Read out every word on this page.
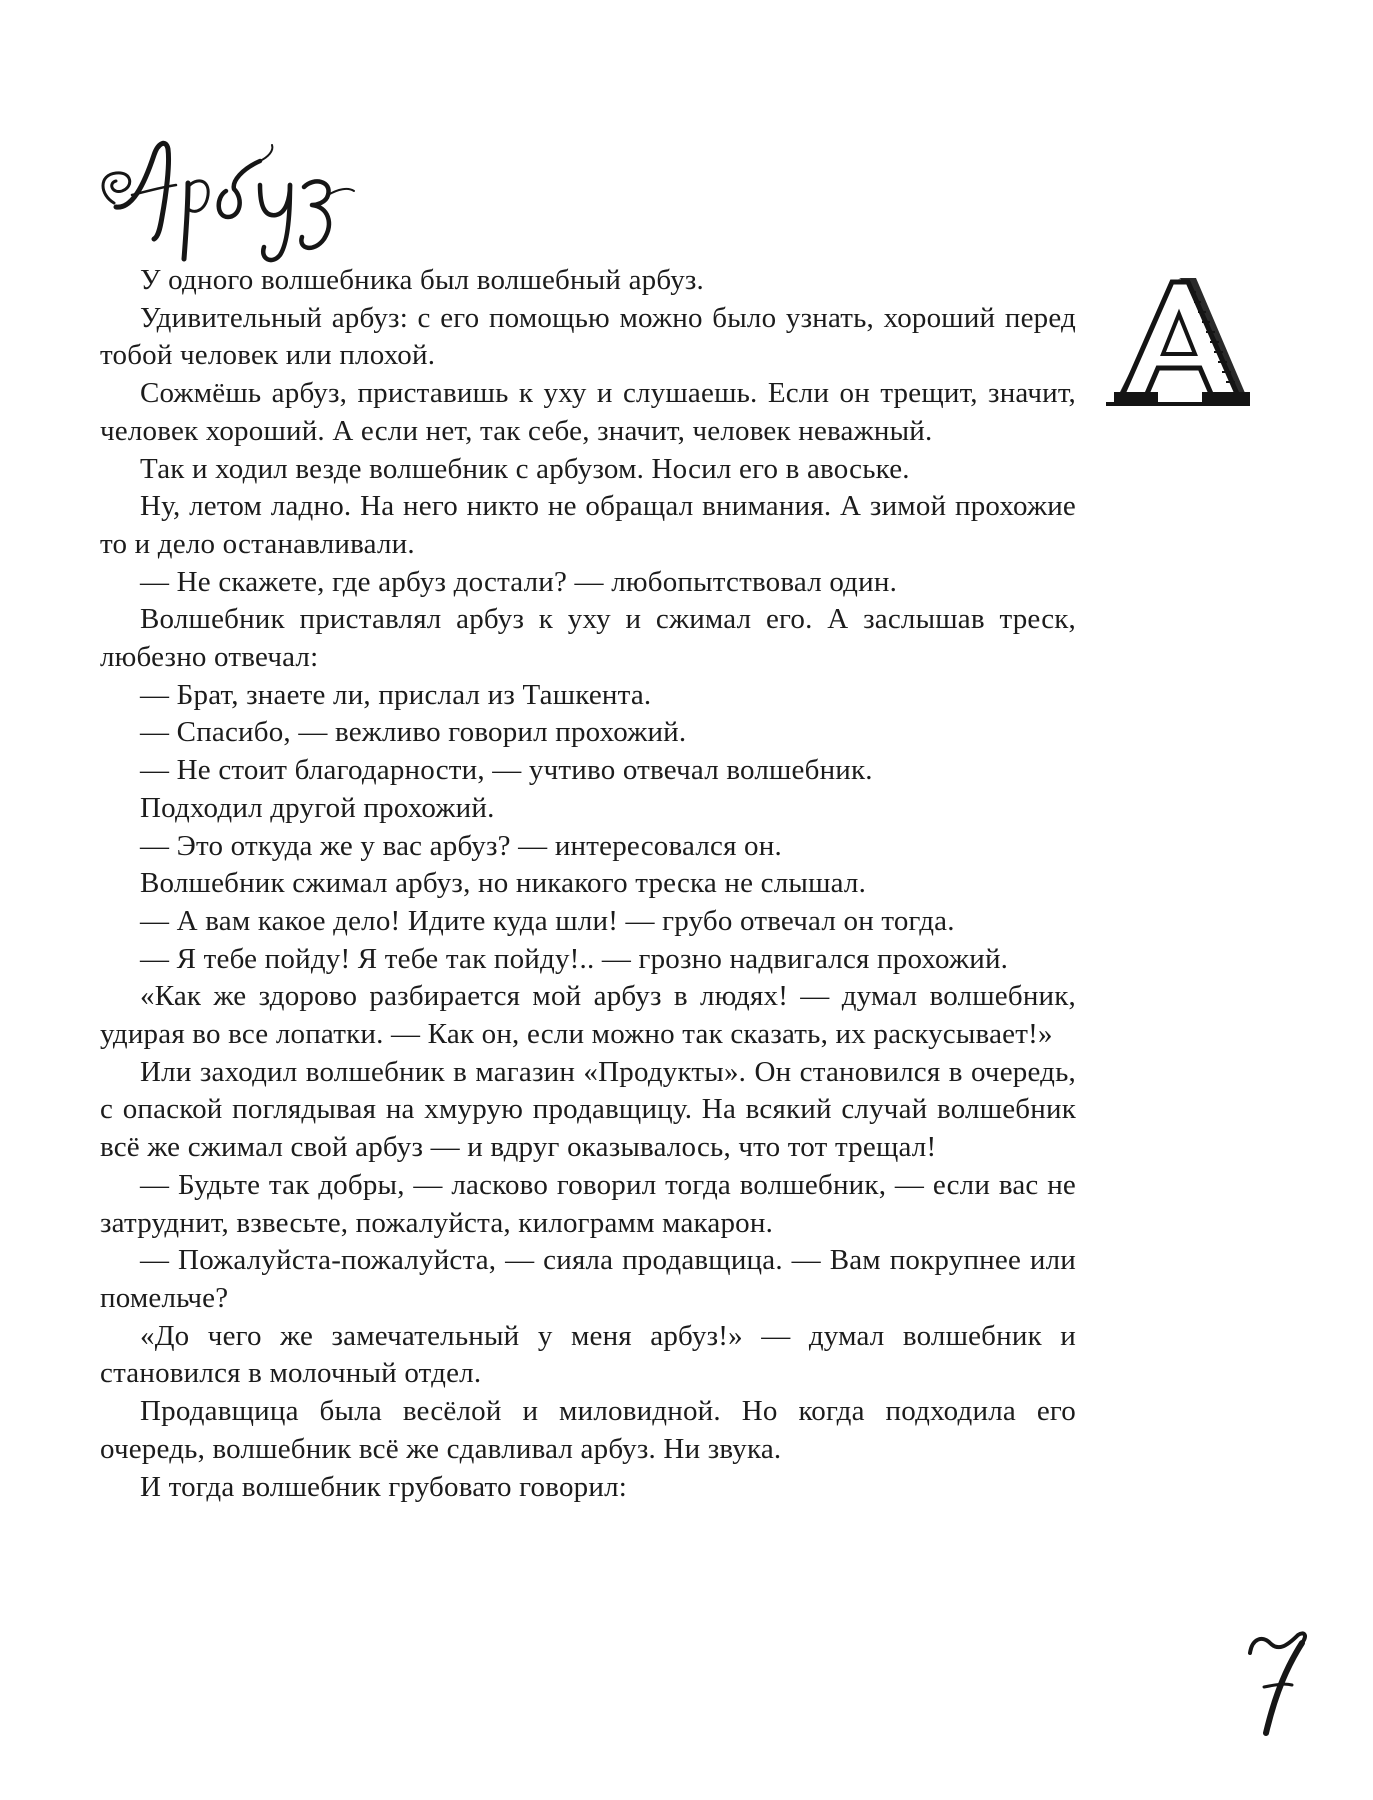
У одного волшебника был волшебный арбуз.

Удивительный арбуз: с его помощью можно было узнать, хороший перед тобой человек или плохой.

Сожмёшь арбуз, приставишь к уху и слушаешь. Если он трещит, значит, человек хороший. А если нет, так себе, значит, человек неважный.

Так и ходил везде волшебник с арбузом. Носил его в авоське.

Ну, летом ладно. На него никто не обращал внимания. А зимой прохожие то и дело останавливали.

— Не скажете, где арбуз достали? — любопытствовал один.

Волшебник приставлял арбуз к уху и сжимал его. А заслышав треск, любезно отвечал:

— Брат, знаете ли, прислал из Ташкента.

— Спасибо, — вежливо говорил прохожий.

— Не стоит благодарности, — учтиво отвечал волшебник.

Подходил другой прохожий.

— Это откуда же у вас арбуз? — интересовался он.

Волшебник сжимал арбуз, но никакого треска не слышал.

— А вам какое дело! Идите куда шли! — грубо отвечал он тогда.

— Я тебе пойду! Я тебе так пойду!.. — грозно надвигался прохожий.

«Как же здорово разбирается мой арбуз в людях! — думал волшебник, удирая во все лопатки. — Как он, если можно так сказать, их раскусывает!»

Или заходил волшебник в магазин «Продукты». Он становился в очередь, с опаской поглядывая на хмурую продавщицу. На всякий случай волшебник всё же сжимал свой арбуз — и вдруг оказывалось, что тот трещал!

— Будьте так добры, — ласково говорил тогда волшебник, — если вас не затруднит, взвесьте, пожалуйста, килограмм макарон.

— Пожалуйста-пожалуйста, — сияла продавщица. — Вам покрупнее или помельче?

«До чего же замечательный у меня арбуз!» — думал волшебник и становился в молочный отдел.

Продавщица была весёлой и миловидной. Но когда подходила его очередь, волшебник всё же сдавливал арбуз. Ни звука.

И тогда волшебник грубовато говорил:
